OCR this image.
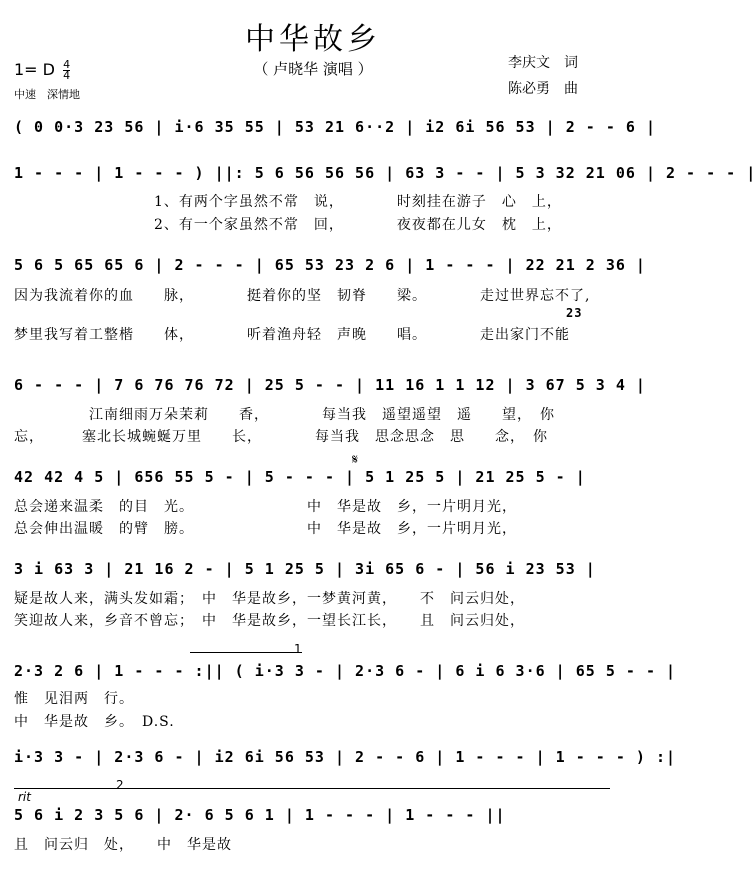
中华故乡
（ 卢晓华 演唱 ）
1= D $\frac{4}{4}$
中速　深情地
李庆文　词
陈必勇　曲
( 0 0·3 23 56 | i·6 35 55 | 53 21 6··2 | i2 6i 56 53 | 2 - - 6 |
1 - - - | 1 - - - ) ||: 5 6 56 56 56 | 63 3 - - | 5 3 32 21 06 | 2 - - - |
1、有两个字虽然不常　说，　　　　时刻挂在游子　心　上，
2、有一个家虽然不常　回，　　　　夜夜都在儿女　枕　上，
5 6 5 65 65 6 | 2 - - - | 65 53 23 2 6 | 1 - - - | 22 21 2 36 |
因为我流着你的血　　脉，　　　　挺着你的坚　韧脊　　梁。　　　　走过世界忘不了,
23
梦里我写着工整楷　　体，　　　　听着渔舟轻　声晚　　唱。　　　　走出家门不能
6 - - - | 7 6 76 76 72 | 25 5 - - | 11 16 1 1 12 | 3 67 5 3 4 |
　　　　　江南细雨万朵茉莉　　香，　　　　每当我　遥望遥望　遥　　望，　你
忘，　　　塞北长城蜿蜒万里　　长，　　　　每当我　思念思念　思　　念，　你
𝄋
42 42 4 5 | 656 55 5 - | 5 - - - | 5 1 25 5 | 21 25 5 - |
总会递来温柔　的目　光。　　　　　　　　中　华是故　乡，一片明月光，
总会伸出温暖　的臂　膀。　　　　　　　　中　华是故　乡，一片明月光，
3 i 63 3 | 21 16 2 - | 5 1 25 5 | 3i 65 6 - | 56 i 23 53 |
疑是故人来，满头发如霜；　中　华是故乡，一梦黄河黄，　　不　问云归处，
笑迎故人来，乡音不曾忘；　中　华是故乡，一望长江长，　　且　问云归处，
1
2·3 2 6 | 1 - - - :|| ( i·3 3 - | 2·3 6 - | 6 i 6 3·6 | 65 5 - - |
惟　见泪两　行。
中　华是故　乡。　D.S.
i·3 3 - | 2·3 6 - | i2 6i 56 53 | 2 - - 6 | 1 - - - | 1 - - - ) :|
2
rit
5 6 i 2 3 5 6 | 2· 6 5 6 1 | 1 - - - | 1 - - - ||
且　问云归　处，　　中　华是故
